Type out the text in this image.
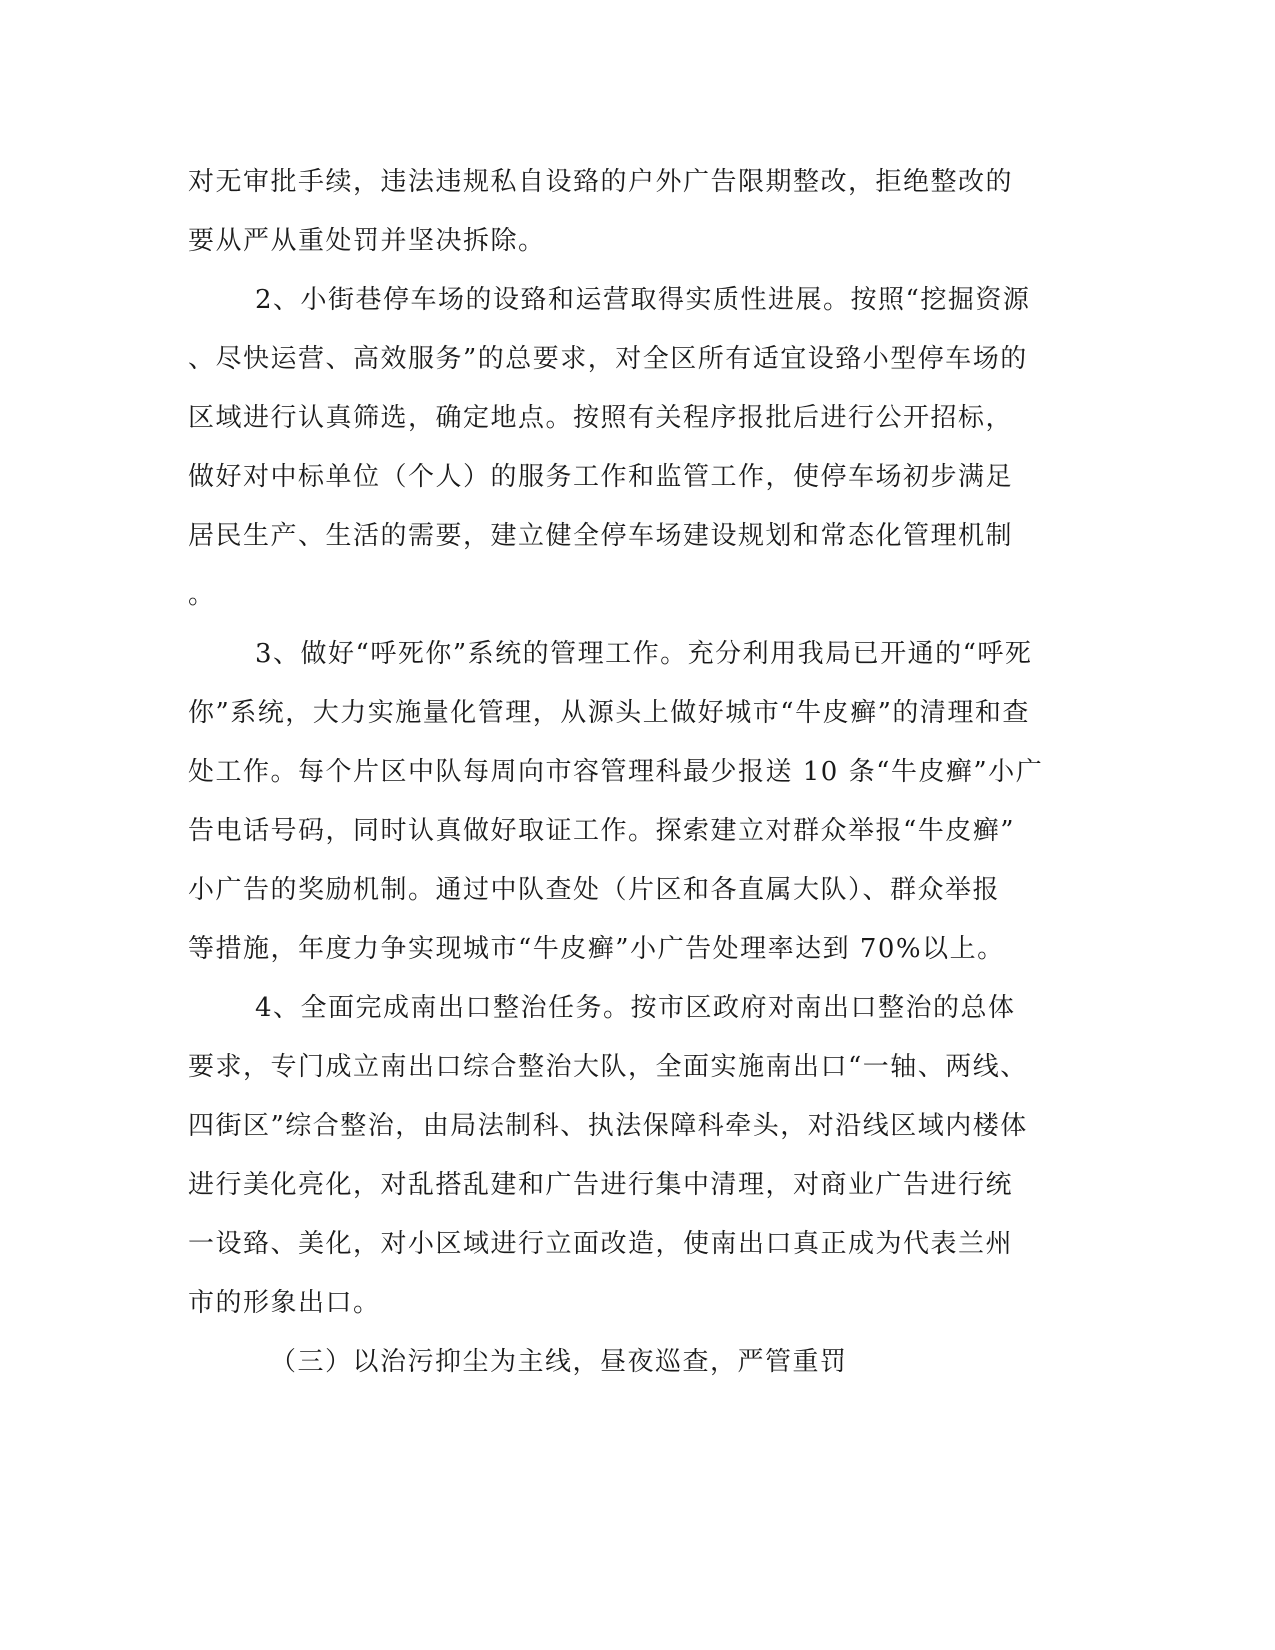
对无审批手续，违法违规私自设臵的户外广告限期整改，拒绝整改的
要从严从重处罚并坚决拆除。
2、小街巷停车场的设臵和运营取得实质性进展。按照“挖掘资源
、尽快运营、高效服务”的总要求，对全区所有适宜设臵小型停车场的
区域进行认真筛选，确定地点。按照有关程序报批后进行公开招标，
做好对中标单位（个人）的服务工作和监管工作，使停车场初步满足
居民生产、生活的需要，建立健全停车场建设规划和常态化管理机制
。
3、做好“呼死你”系统的管理工作。充分利用我局已开通的“呼死
你”系统，大力实施量化管理，从源头上做好城市“牛皮癣”的清理和查
处工作。每个片区中队每周向市容管理科最少报送 10 条“牛皮癣”小广
告电话号码，同时认真做好取证工作。探索建立对群众举报“牛皮癣”
小广告的奖励机制。通过中队查处（片区和各直属大队）、群众举报
等措施，年度力争实现城市“牛皮癣”小广告处理率达到 70%以上。
4、全面完成南出口整治任务。按市区政府对南出口整治的总体
要求，专门成立南出口综合整治大队，全面实施南出口“一轴、两线、
四街区”综合整治，由局法制科、执法保障科牵头，对沿线区域内楼体
进行美化亮化，对乱搭乱建和广告进行集中清理，对商业广告进行统
一设臵、美化，对小区域进行立面改造，使南出口真正成为代表兰州
市的形象出口。
（三）以治污抑尘为主线，昼夜巡查，严管重罚
